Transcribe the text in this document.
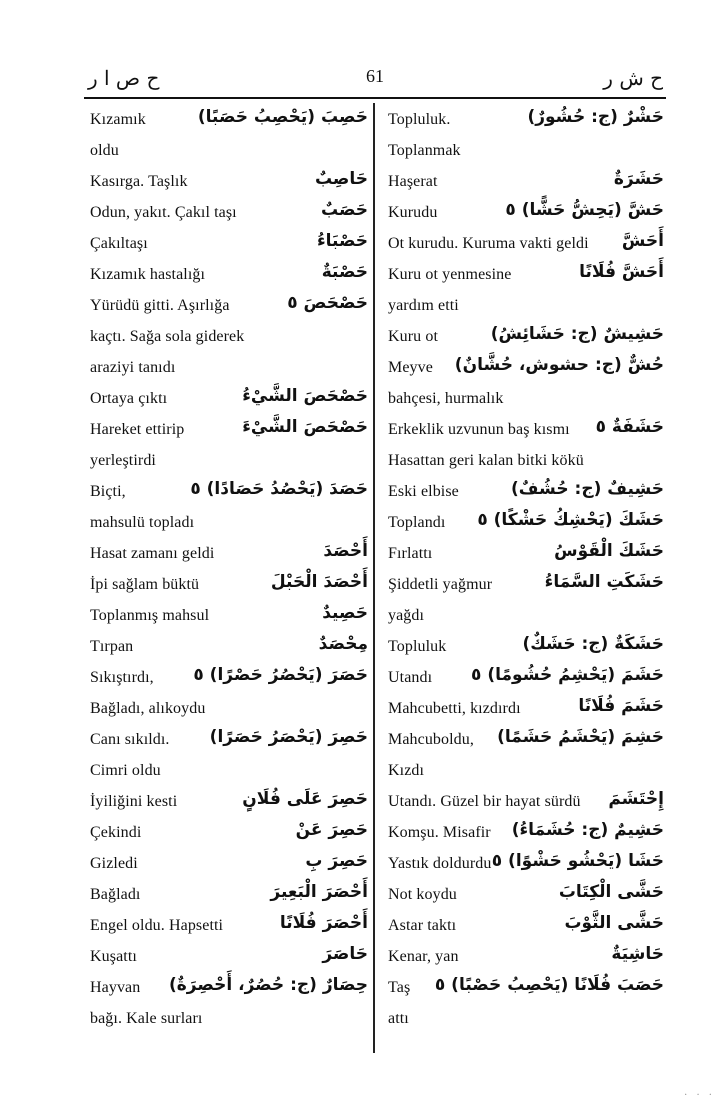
ح ص ا ر	61	ح ش ر
Kızamık	حَصِبَ (يَحْصِبُ حَصَبًا)
oldu
Kasırga. Taşlık	حَاصِبٌ
Odun, yakıt. Çakıl taşı	حَصَبٌ
Çakıltaşı	حَصْبَاءُ
Kızamık hastalığı	حَصْبَةٌ
Yürüdü gitti. Aşırlığa	حَصْحَصَ ٥
kaçtı. Sağa sola giderek
araziyi tanıdı
Ortaya çıktı	حَصْحَصَ الشَّيْءُ
Hareket ettirip	حَصْحَصَ الشَّيْءَ
yerleştirdi
Biçti,	حَصَدَ (يَحْصُدُ حَصَادًا) ٥
mahsulü topladı
Hasat zamanı geldi	أَحْصَدَ
İpi sağlam büktü	أَحْصَدَ الْحَبْلَ
Toplanmış mahsul	حَصِيدٌ
Tırpan	مِحْصَدٌ
Sıkıştırdı, حَصَرَ (يَحْصُرُ حَصْرًا) ٥
Bağladı, alıkoydu
Canı sıkıldı. حَصِرَ (يَحْصَرُ حَصَرًا)
Cimri oldu
İyiliğini kesti	حَصِرَ عَلَى فُلَانٍ
Çekindi	حَصِرَ عَنْ
Gizledi	حَصِرَ بِ
Bağladı	أَحْصَرَ الْبَعِيرَ
Engel oldu. Hapsetti	أَحْصَرَ فُلَانًا
Kuşattı	حَاصَرَ
Hayvan حِصَارٌ (ج: حُصُرٌ، أَحْصِرَةٌ)
bağı. Kale surları
Topluluk.	حَشْرٌ (ج: حُشُورٌ)
Toplanmak
Haşerat	حَشَرَةٌ
Kurudu	حَشَّ (يَحِشُّ حَشًّا) ٥
Ot kurudu. Kuruma vakti geldi أَحَشَّ
Kuru ot yenmesine	أَحَشَّ فُلَانًا
yardım etti
Kuru ot	حَشِيشٌ (ج: حَشَائِشُ)
Meyve حُشٌّ (ج: حشوش، حُشَّانٌ)
bahçesi, hurmalık
Erkeklik uzvunun baş kısmı حَشَفَةٌ ٥
Hasattan geri kalan bitki kökü
Eski elbise	حَشِيفٌ (ج: حُشُفٌ)
Toplandı حَشَكَ (يَحْشِكُ حَشْكًا) ٥
Fırlattı	حَشَكَ الْقَوْسُ
Şiddetli yağmur	حَشَكَتِ السَّمَاءُ
yağdı
Topluluk	حَشَكَةٌ (ج: حَشَكٌ)
Utandı حَشَمَ (يَحْشِمُ حُشُومًا) ٥
Mahcubetti, kızdırdı	حَشَمَ فُلَانًا
Mahcuboldu, حَشِمَ (يَحْشَمُ حَشَمًا)
Kızdı
Utandı. Güzel bir hayat sürdü إِحْتَشَمَ
Komşu. Misafir حَشِيمٌ (ج: حُشَمَاءُ)
Yastık doldurdu حَشَا (يَحْشُو حَشْوًا) ٥
Not koydu	حَشَّى الْكِتَابَ
Astar taktı	حَشَّى الثَّوْبَ
Kenar, yan	حَاشِيَةٌ
Taş حَصَبَ فُلَانًا (يَحْصِبُ حَصْبًا) ٥
attı
· · ·
